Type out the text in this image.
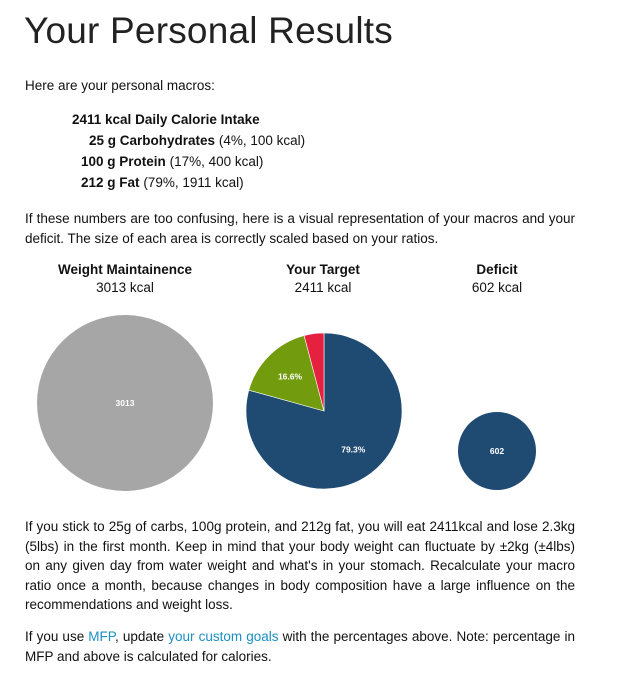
Your Personal Results
Here are your personal macros:
2411 kcal Daily Calorie Intake
25 g Carbohydrates (4%, 100 kcal)
100 g Protein (17%, 400 kcal)
212 g Fat (79%, 1911 kcal)
If these numbers are too confusing, here is a visual representation of your macros and your deficit. The size of each area is correctly scaled based on your ratios.
Weight Maintainence
3013 kcal
Your Target
2411 kcal
Deficit
602 kcal
3013
79.3%
16.6%
602
If you stick to 25g of carbs, 100g protein, and 212g fat, you will eat 2411kcal and lose 2.3kg (5lbs) in the first month. Keep in mind that your body weight can fluctuate by ±2kg (±4lbs) on any given day from water weight and what's in your stomach. Recalculate your macro ratio once a month, because changes in body composition have a large influence on the recommendations and weight loss.
If you use MFP, update your custom goals with the percentages above. Note: percentage in MFP and above is calculated for calories.
